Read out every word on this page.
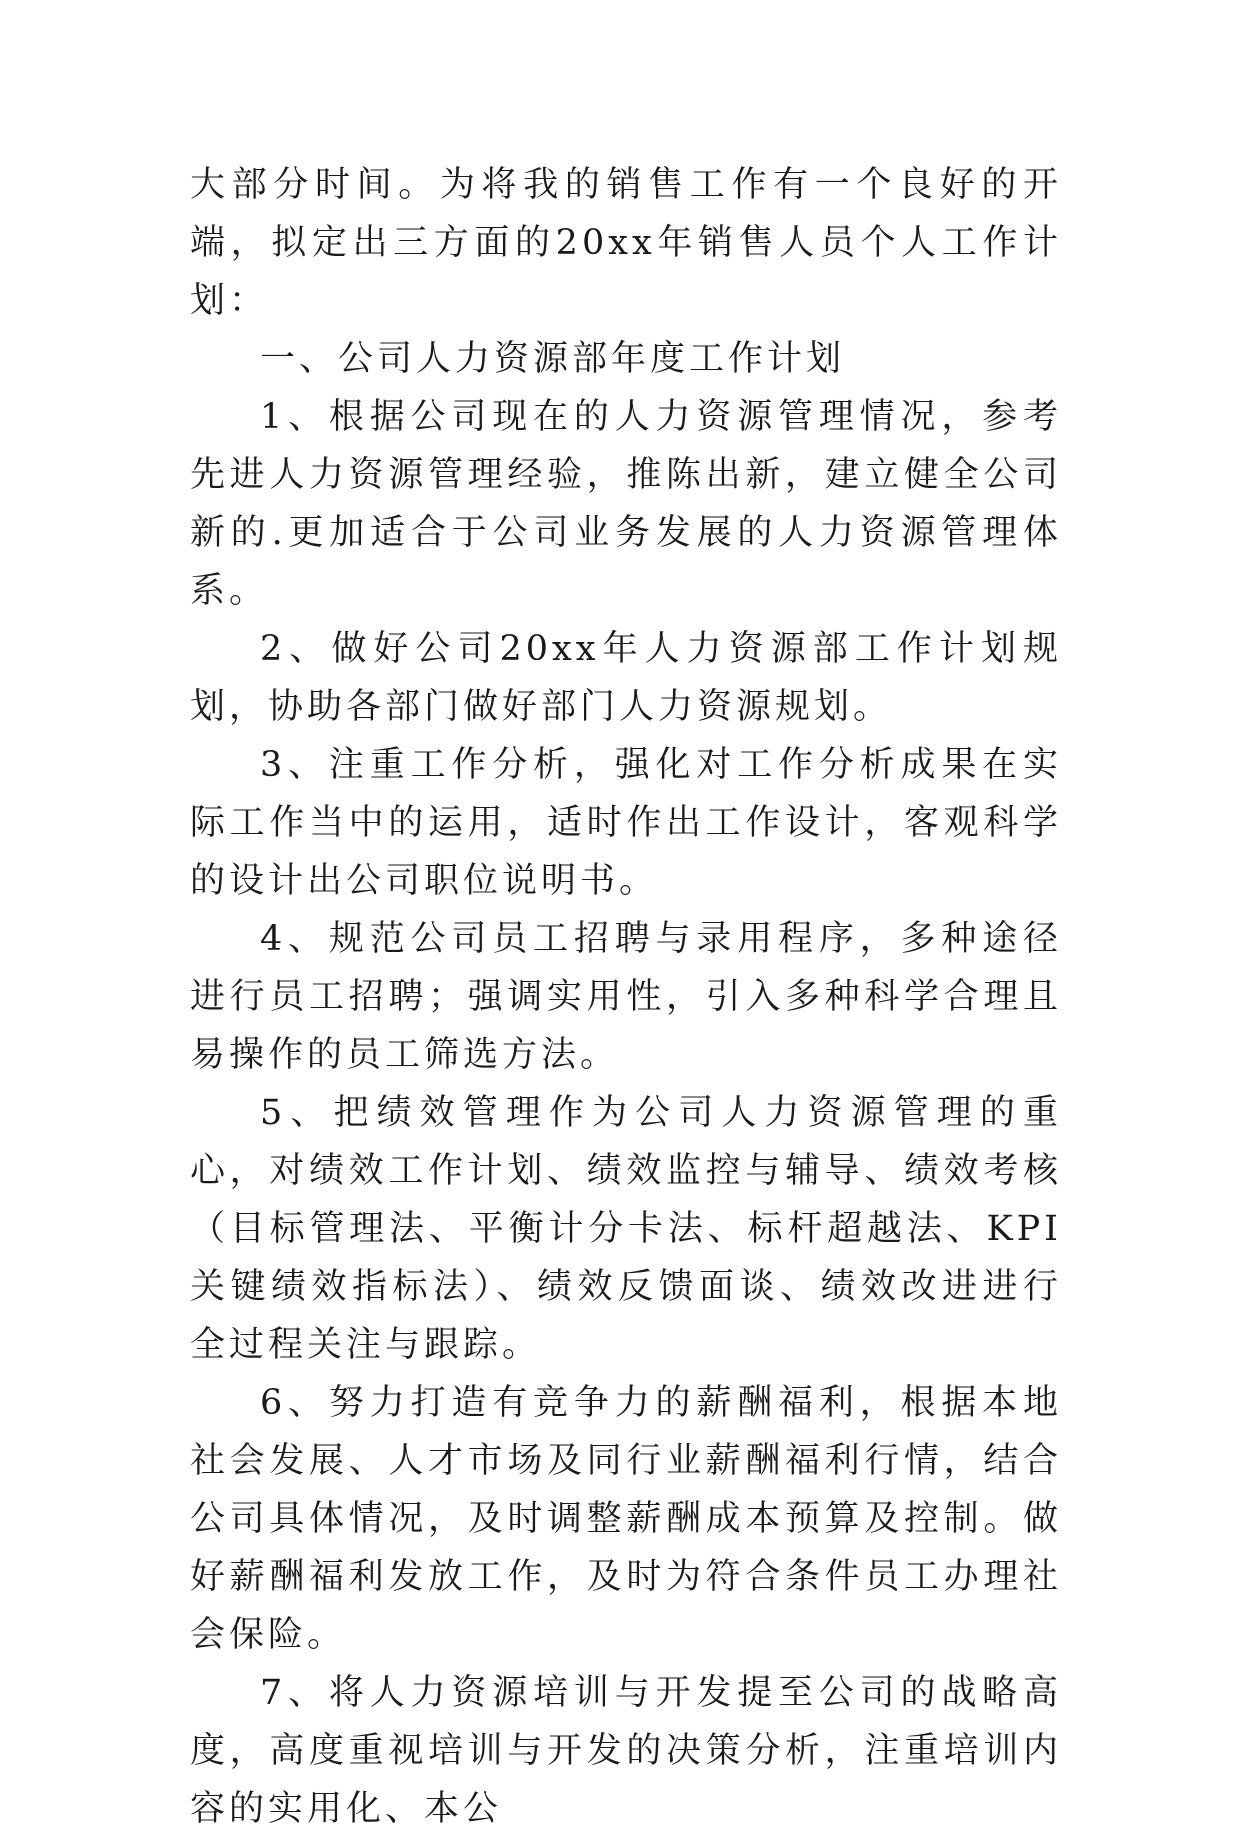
大部分时间。为将我的销售工作有一个良好的开端，拟定出三方面的20xx年销售人员个人工作计划：

一、公司人力资源部年度工作计划

1、根据公司现在的人力资源管理情况，参考先进人力资源管理经验，推陈出新，建立健全公司新的.更加适合于公司业务发展的人力资源管理体系。

2、做好公司20xx年人力资源部工作计划规划，协助各部门做好部门人力资源规划。

3、注重工作分析，强化对工作分析成果在实际工作当中的运用，适时作出工作设计，客观科学的设计出公司职位说明书。

4、规范公司员工招聘与录用程序，多种途径进行员工招聘；强调实用性，引入多种科学合理且易操作的员工筛选方法。

5、把绩效管理作为公司人力资源管理的重心，对绩效工作计划、绩效监控与辅导、绩效考核（目标管理法、平衡计分卡法、标杆超越法、KPI关键绩效指标法）、绩效反馈面谈、绩效改进进行全过程关注与跟踪。

6、努力打造有竞争力的薪酬福利，根据本地社会发展、人才市场及同行业薪酬福利行情，结合公司具体情况，及时调整薪酬成本预算及控制。做好薪酬福利发放工作，及时为符合条件员工办理社会保险。

7、将人力资源培训与开发提至公司的战略高度，高度重视培训与开发的决策分析，注重培训内容的实用化、本公
